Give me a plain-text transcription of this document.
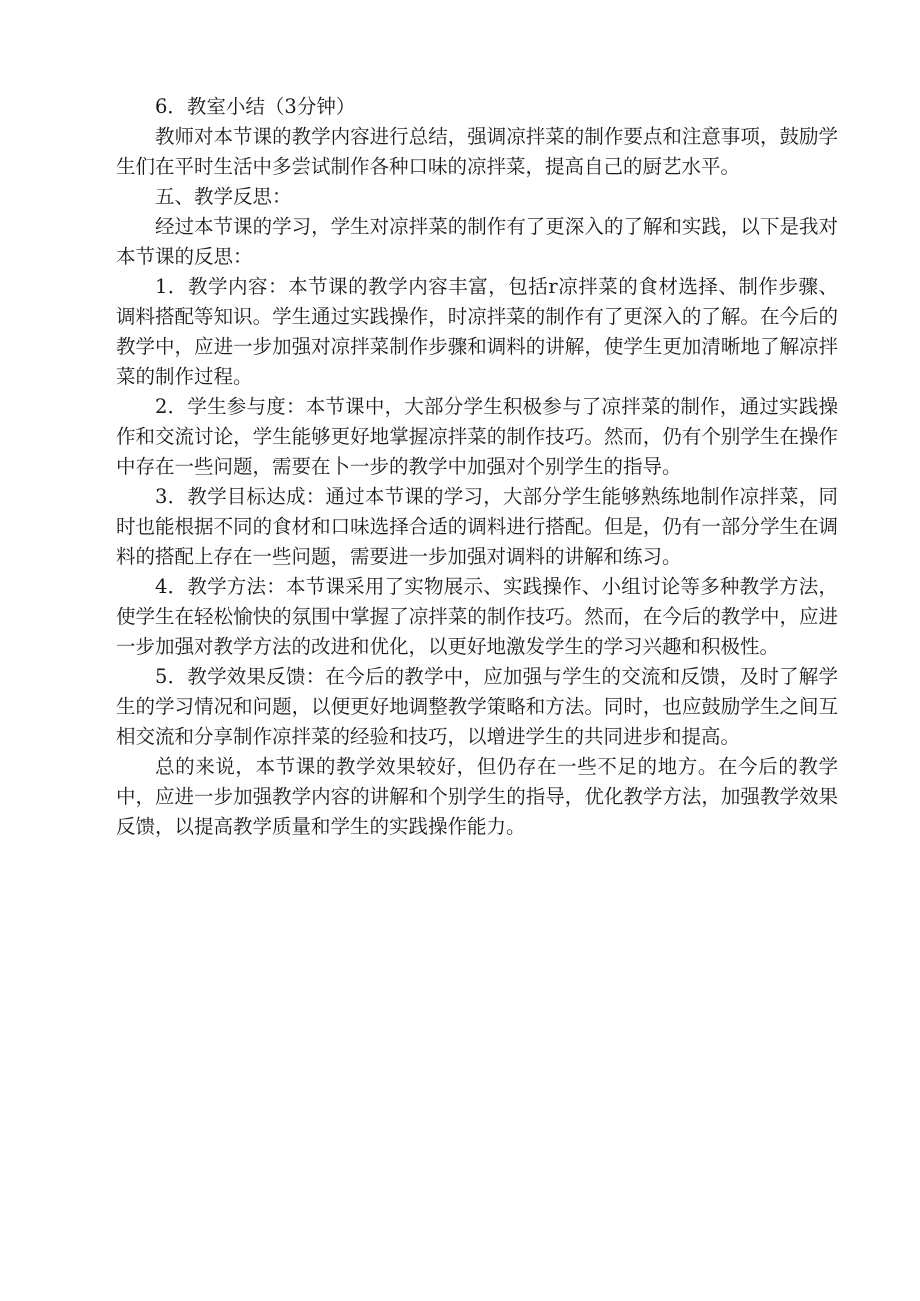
6．教室小结（3分钟）

教师对本节课的教学内容进行总结，强调凉拌菜的制作要点和注意事项，鼓励学生们在平时生活中多尝试制作各种口味的凉拌菜，提高自己的厨艺水平。

五、教学反思：

经过本节课的学习，学生对凉拌菜的制作有了更深入的了解和实践，以下是我对本节课的反思：

1．教学内容：本节课的教学内容丰富，包括r凉拌菜的食材选择、制作步骤、调料搭配等知识。学生通过实践操作，时凉拌菜的制作有了更深入的了解。在今后的教学中，应进一步加强对凉拌菜制作步骤和调料的讲解，使学生更加清晰地了解凉拌菜的制作过程。

2．学生参与度：本节课中，大部分学生积极参与了凉拌菜的制作，通过实践操作和交流讨论，学生能够更好地掌握凉拌菜的制作技巧。然而，仍有个别学生在操作中存在一些问题，需要在卜一步的教学中加强对个别学生的指导。

3．教学目标达成：通过本节课的学习，大部分学生能够熟练地制作凉拌菜，同时也能根据不同的食材和口味选择合适的调料进行搭配。但是，仍有一部分学生在调料的搭配上存在一些问题，需要进一步加强对调料的讲解和练习。

4．教学方法：本节课采用了实物展示、实践操作、小组讨论等多种教学方法，使学生在轻松愉快的氛围中掌握了凉拌菜的制作技巧。然而，在今后的教学中，应进一步加强对教学方法的改进和优化，以更好地激发学生的学习兴趣和积极性。

5．教学效果反馈：在今后的教学中，应加强与学生的交流和反馈，及时了解学生的学习情况和问题，以便更好地调整教学策略和方法。同时，也应鼓励学生之间互相交流和分享制作凉拌菜的经验和技巧，以增进学生的共同进步和提高。

总的来说，本节课的教学效果较好，但仍存在一些不足的地方。在今后的教学中，应进一步加强教学内容的讲解和个别学生的指导，优化教学方法，加强教学效果反馈，以提高教学质量和学生的实践操作能力。
